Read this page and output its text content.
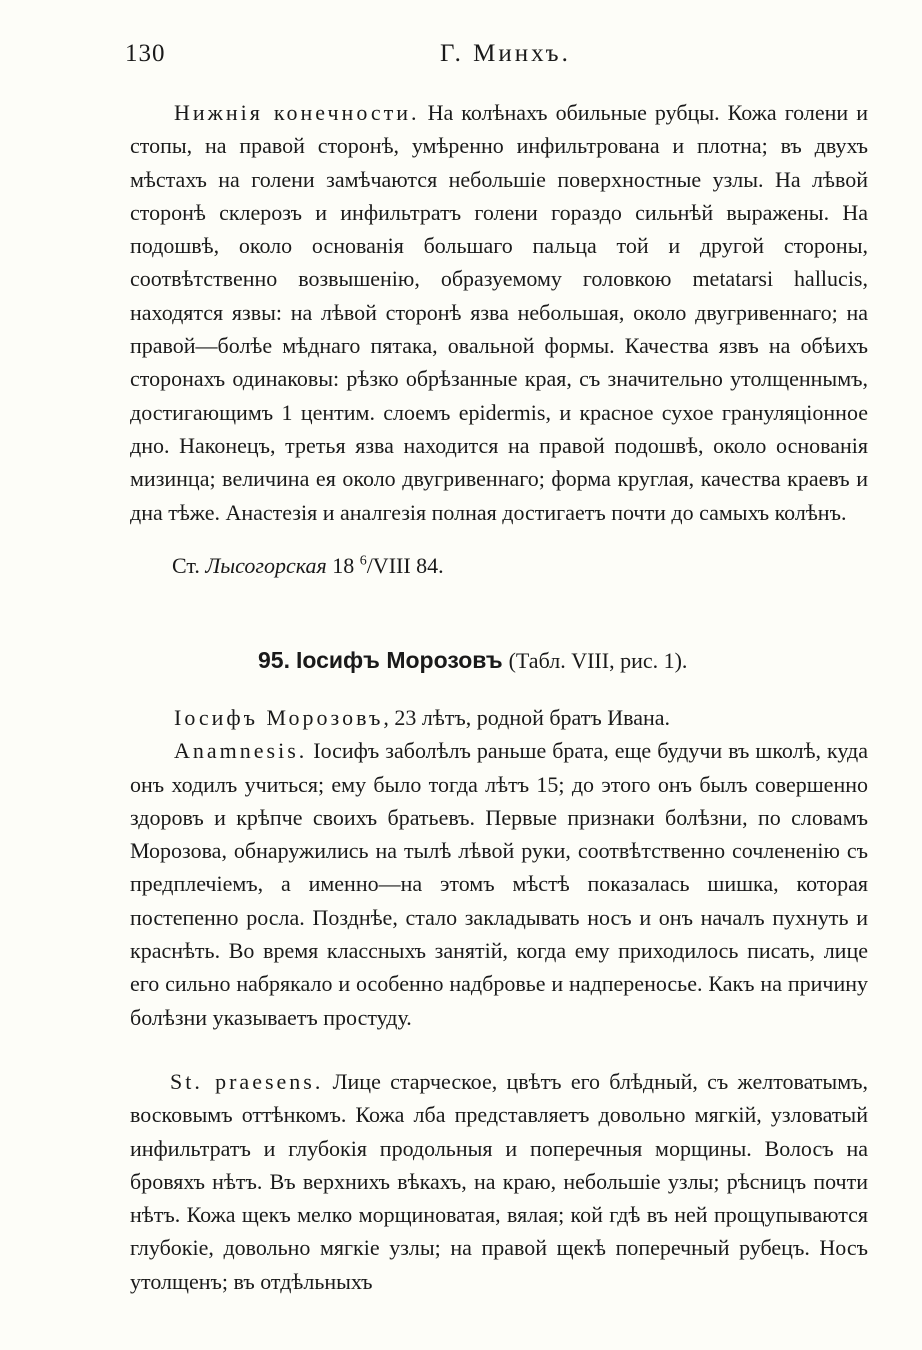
130	Г. Минхъ.

Нижнія конечности. На колѣнахъ обильные рубцы. Кожа голени и стопы, на правой сторонѣ, умѣренно инфильтрована и плотна; въ двухъ мѣстахъ на голени замѣчаются небольшіе поверхностные узлы. На лѣвой сторонѣ склерозъ и инфильтратъ голени гораздо сильнѣй выражены. На подошвѣ, около основанія большаго пальца той и другой стороны, соотвѣтственно возвышенію, образуемому головкою metatarsi hallucis, находятся язвы: на лѣвой сторонѣ язва небольшая, около двугривеннаго; на правой—болѣе мѣднаго пятака, овальной формы. Качества язвъ на обѣихъ сторонахъ одинаковы: рѣзко обрѣзанные края, съ значительно утолщеннымъ, достигающимъ 1 центим. слоемъ epidermis, и красное сухое грануляціонное дно. Наконецъ, третья язва находится на правой подошвѣ, около основанія мизинца; величина ея около двугривеннаго; форма круглая, качества краевъ и дна тѣже. Анастезія и аналгезія полная достигаетъ почти до самыхъ колѣнъ.

Ст. Лысогорская 18 $^6$/VIII 84.
95. Іосифъ Морозовъ (Табл. VIII, рис. 1).

Іосифъ Морозовъ, 23 лѣтъ, родной братъ Ивана.

Anamnesis. Іосифъ заболѣлъ раньше брата, еще будучи въ школѣ, куда онъ ходилъ учиться; ему было тогда лѣтъ 15; до этого онъ былъ совершенно здоровъ и крѣпче своихъ братьевъ. Первые признаки болѣзни, по словамъ Морозова, обнаружились на тылѣ лѣвой руки, соотвѣтственно сочлененію съ предплечіемъ, а именно—на этомъ мѣстѣ показалась шишка, которая постепенно росла. Позднѣе, стало закладывать носъ и онъ началъ пухнуть и краснѣть. Во время классныхъ занятій, когда ему приходилось писать, лице его сильно набрякало и особенно надбровье и надпереносье. Какъ на причину болѣзни указываетъ простуду.

St. praesens. Лице старческое, цвѣтъ его блѣдный, съ желтоватымъ, восковымъ оттѣнкомъ. Кожа лба представляетъ довольно мягкій, узловатый инфильтратъ и глубокія продольныя и поперечныя морщины. Волосъ на бровяхъ нѣтъ. Въ верхнихъ вѣкахъ, на краю, небольшіе узлы; рѣсницъ почти нѣтъ. Кожа щекъ мелко морщиноватая, вялая; кой гдѣ въ ней прощупываются глубокіе, довольно мягкіе узлы; на правой щекѣ поперечный рубецъ. Носъ утолщенъ; въ отдѣльныхъ
